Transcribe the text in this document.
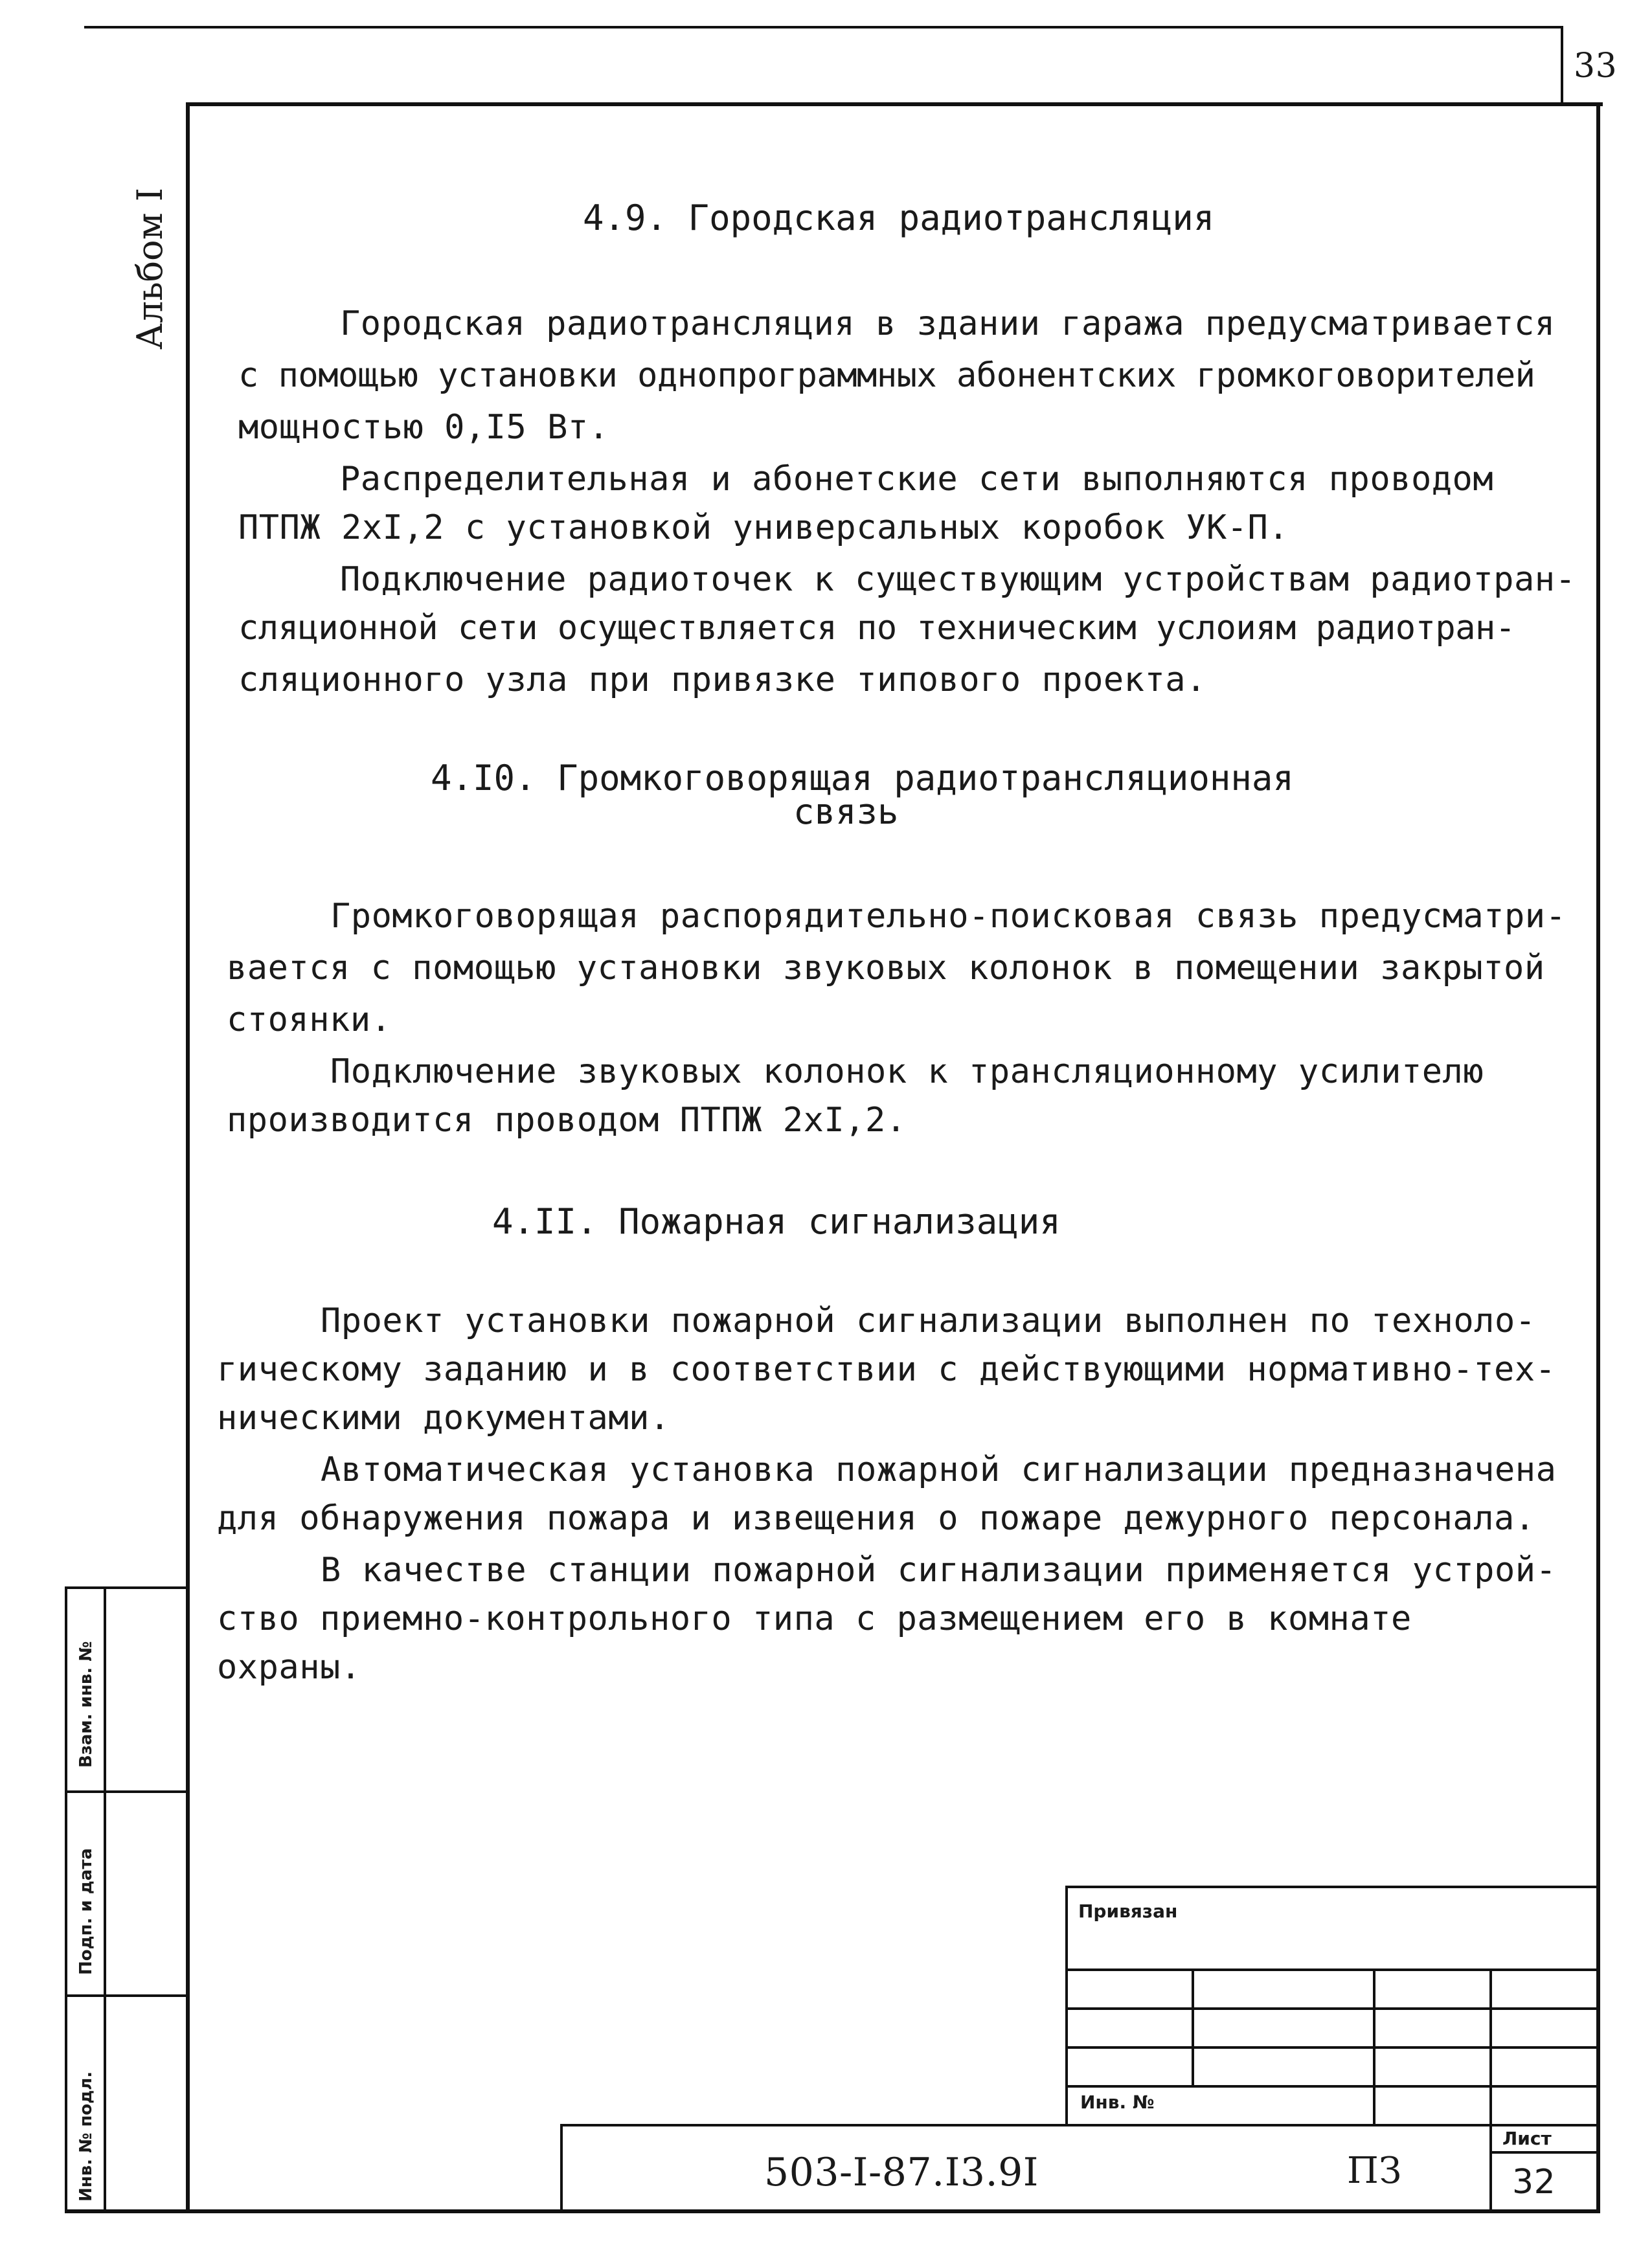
33
Альбом I
Взам. инв. №
Подп. и дата
Инв. № подл.
4.9. Городская радиотрансляция
Городская радиотрансляция в здании гаража предусматривается
с помощью установки однопрограммных абонентских громкоговорителей
мощностью 0,I5 Вт.
Распределительная и абонетские сети выполняются проводом
ПТПЖ 2хI,2 с установкой универсальных коробок УК-П.
Подключение радиоточек к существующим устройствам радиотран-
сляционной сети осуществляется по техническим услоиям радиотран-
сляционного узла при привязке типового проекта.
4.I0. Громкоговорящая радиотрансляционная
связь
Громкоговорящая распорядительно-поисковая связь предусматри-
вается с помощью установки звуковых колонок в помещении закрытой
стоянки.
Подключение звуковых колонок к трансляционному усилителю
производится проводом ПТПЖ 2хI,2.
4.II. Пожарная сигнализация
Проект установки пожарной сигнализации выполнен по техноло-
гическому заданию и в соответствии с действующими нормативно-тех-
ническими документами.
Автоматическая установка пожарной сигнализации предназначена
для обнаружения пожара и извещения о пожаре дежурного персонала.
В качестве станции пожарной сигнализации применяется устрой-
ство приемно-контрольного типа с размещением его в комнате
охраны.
Привязан
Инв. №
503-I-87.I3.9I	ПЗ
Лист
32
